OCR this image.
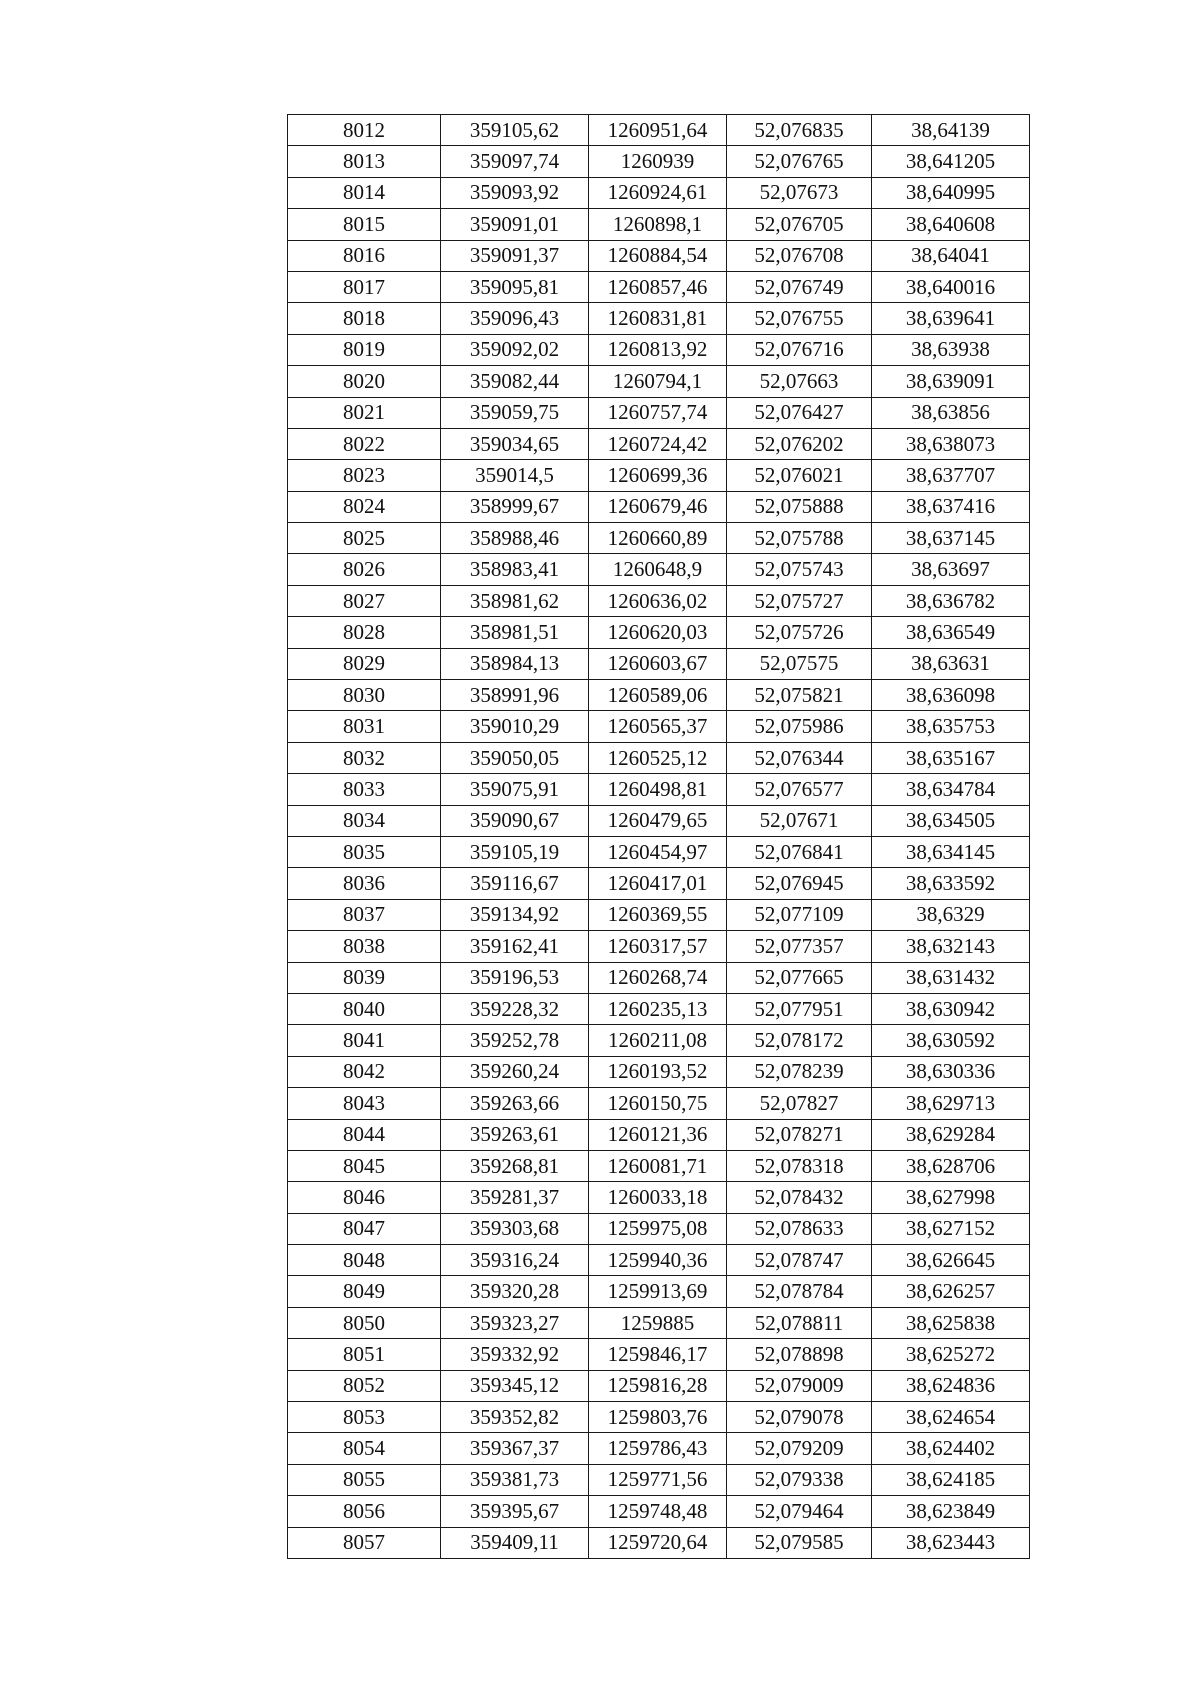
8012	359105,62	1260951,64	52,076835	38,64139
8013	359097,74	1260939	52,076765	38,641205
8014	359093,92	1260924,61	52,07673	38,640995
8015	359091,01	1260898,1	52,076705	38,640608
8016	359091,37	1260884,54	52,076708	38,64041
8017	359095,81	1260857,46	52,076749	38,640016
8018	359096,43	1260831,81	52,076755	38,639641
8019	359092,02	1260813,92	52,076716	38,63938
8020	359082,44	1260794,1	52,07663	38,639091
8021	359059,75	1260757,74	52,076427	38,63856
8022	359034,65	1260724,42	52,076202	38,638073
8023	359014,5	1260699,36	52,076021	38,637707
8024	358999,67	1260679,46	52,075888	38,637416
8025	358988,46	1260660,89	52,075788	38,637145
8026	358983,41	1260648,9	52,075743	38,63697
8027	358981,62	1260636,02	52,075727	38,636782
8028	358981,51	1260620,03	52,075726	38,636549
8029	358984,13	1260603,67	52,07575	38,63631
8030	358991,96	1260589,06	52,075821	38,636098
8031	359010,29	1260565,37	52,075986	38,635753
8032	359050,05	1260525,12	52,076344	38,635167
8033	359075,91	1260498,81	52,076577	38,634784
8034	359090,67	1260479,65	52,07671	38,634505
8035	359105,19	1260454,97	52,076841	38,634145
8036	359116,67	1260417,01	52,076945	38,633592
8037	359134,92	1260369,55	52,077109	38,6329
8038	359162,41	1260317,57	52,077357	38,632143
8039	359196,53	1260268,74	52,077665	38,631432
8040	359228,32	1260235,13	52,077951	38,630942
8041	359252,78	1260211,08	52,078172	38,630592
8042	359260,24	1260193,52	52,078239	38,630336
8043	359263,66	1260150,75	52,07827	38,629713
8044	359263,61	1260121,36	52,078271	38,629284
8045	359268,81	1260081,71	52,078318	38,628706
8046	359281,37	1260033,18	52,078432	38,627998
8047	359303,68	1259975,08	52,078633	38,627152
8048	359316,24	1259940,36	52,078747	38,626645
8049	359320,28	1259913,69	52,078784	38,626257
8050	359323,27	1259885	52,078811	38,625838
8051	359332,92	1259846,17	52,078898	38,625272
8052	359345,12	1259816,28	52,079009	38,624836
8053	359352,82	1259803,76	52,079078	38,624654
8054	359367,37	1259786,43	52,079209	38,624402
8055	359381,73	1259771,56	52,079338	38,624185
8056	359395,67	1259748,48	52,079464	38,623849
8057	359409,11	1259720,64	52,079585	38,623443
